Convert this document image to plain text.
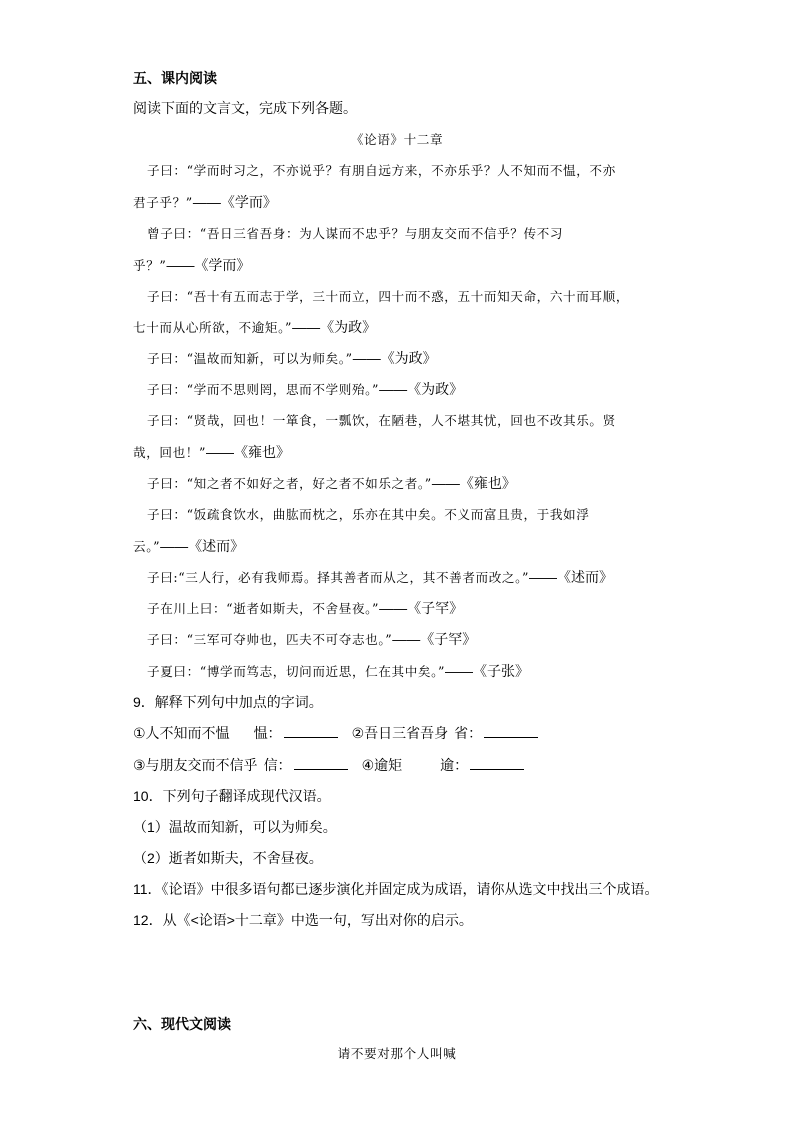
五、课内阅读
阅读下面的文言文，完成下列各题。
《论语》十二章
子曰：“学而时习之，不亦说乎？有朋自远方来，不亦乐乎？人不知而不愠，不亦
君子乎？”——《学而》
曾子曰：“吾日三省吾身：为人谋而不忠乎？与朋友交而不信乎？传不习
乎？”——《学而》
子曰：“吾十有五而志于学，三十而立，四十而不惑，五十而知天命，六十而耳顺，
七十而从心所欲，不逾矩。”——《为政》
子曰：“温故而知新，可以为师矣。”——《为政》
子曰：“学而不思则罔，思而不学则殆。”——《为政》
子曰：“贤哉，回也！一箪食，一瓢饮，在陋巷，人不堪其忧，回也不改其乐。贤
哉，回也！”——《雍也》
子曰：“知之者不如好之者，好之者不如乐之者。”——《雍也》
子曰：“饭疏食饮水，曲肱而枕之，乐亦在其中矣。不义而富且贵，于我如浮
云。”——《述而》
子曰:“三人行，必有我师焉。择其善者而从之，其不善者而改之。”——《述而》
子在川上曰：“逝者如斯夫，不舍昼夜。”——《子罕》
子曰：“三军可夺帅也，匹夫不可夺志也。”——《子罕》
子夏曰：“博学而笃志，切问而近思，仁在其中矣。”——《子张》
9．解释下列句中加点的字词。
①人不知而不愠 愠：	②吾日三省吾身 省：
③与朋友交而不信乎 信：	④逾矩	逾：
10．下列句子翻译成现代汉语。
（1）温故而知新，可以为师矣。
（2）逝者如斯夫，不舍昼夜。
11．《论语》中很多语句都已逐步演化并固定成为成语，请你从选文中找出三个成语。
12．从《<论语>十二章》中选一句，写出对你的启示。
六、现代文阅读
请不要对那个人叫喊
